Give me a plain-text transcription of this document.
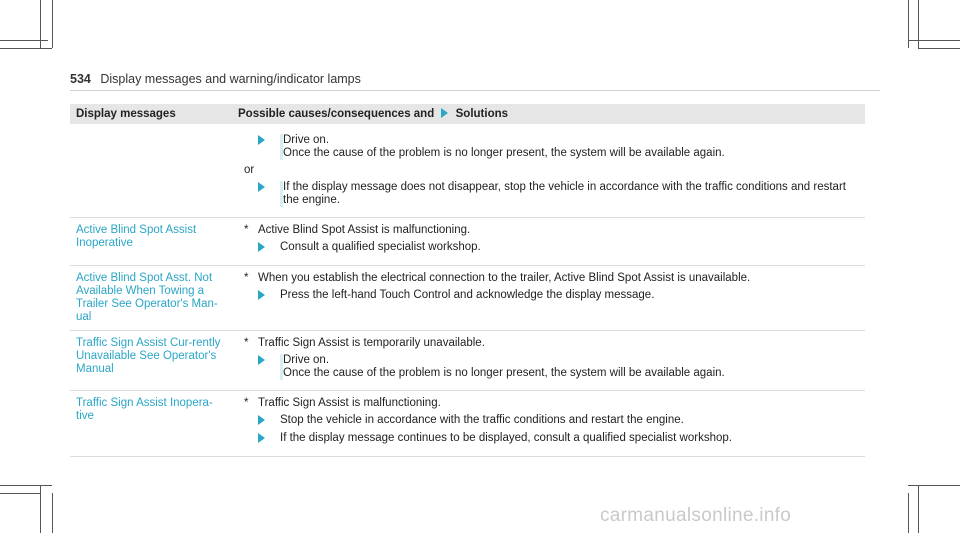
534 Display messages and warning/indicator lamps
Display messages	Possible causes/consequences and Solutions

	Drive on.
Once the cause of the problem is no longer present, the system will be available again.
or
If the display message does not disappear, stop the vehicle in accordance with the traffic conditions and restart the engine.

Active Blind Spot Assist Inoperative	* Active Blind Spot Assist is malfunctioning.
Consult a qualified specialist workshop.

Active Blind Spot Asst. Not Available When Towing a Trailer See Operator's Man-ual	* When you establish the electrical connection to the trailer, Active Blind Spot Assist is unavailable.
Press the left-hand Touch Control and acknowledge the display message.

Traffic Sign Assist Cur-rently Unavailable See Operator's Manual	* Traffic Sign Assist is temporarily unavailable.
Drive on.
Once the cause of the problem is no longer present, the system will be available again.

Traffic Sign Assist Inopera-tive	* Traffic Sign Assist is malfunctioning.
Stop the vehicle in accordance with the traffic conditions and restart the engine.
If the display message continues to be displayed, consult a qualified specialist workshop.
carmanualsonline.info
